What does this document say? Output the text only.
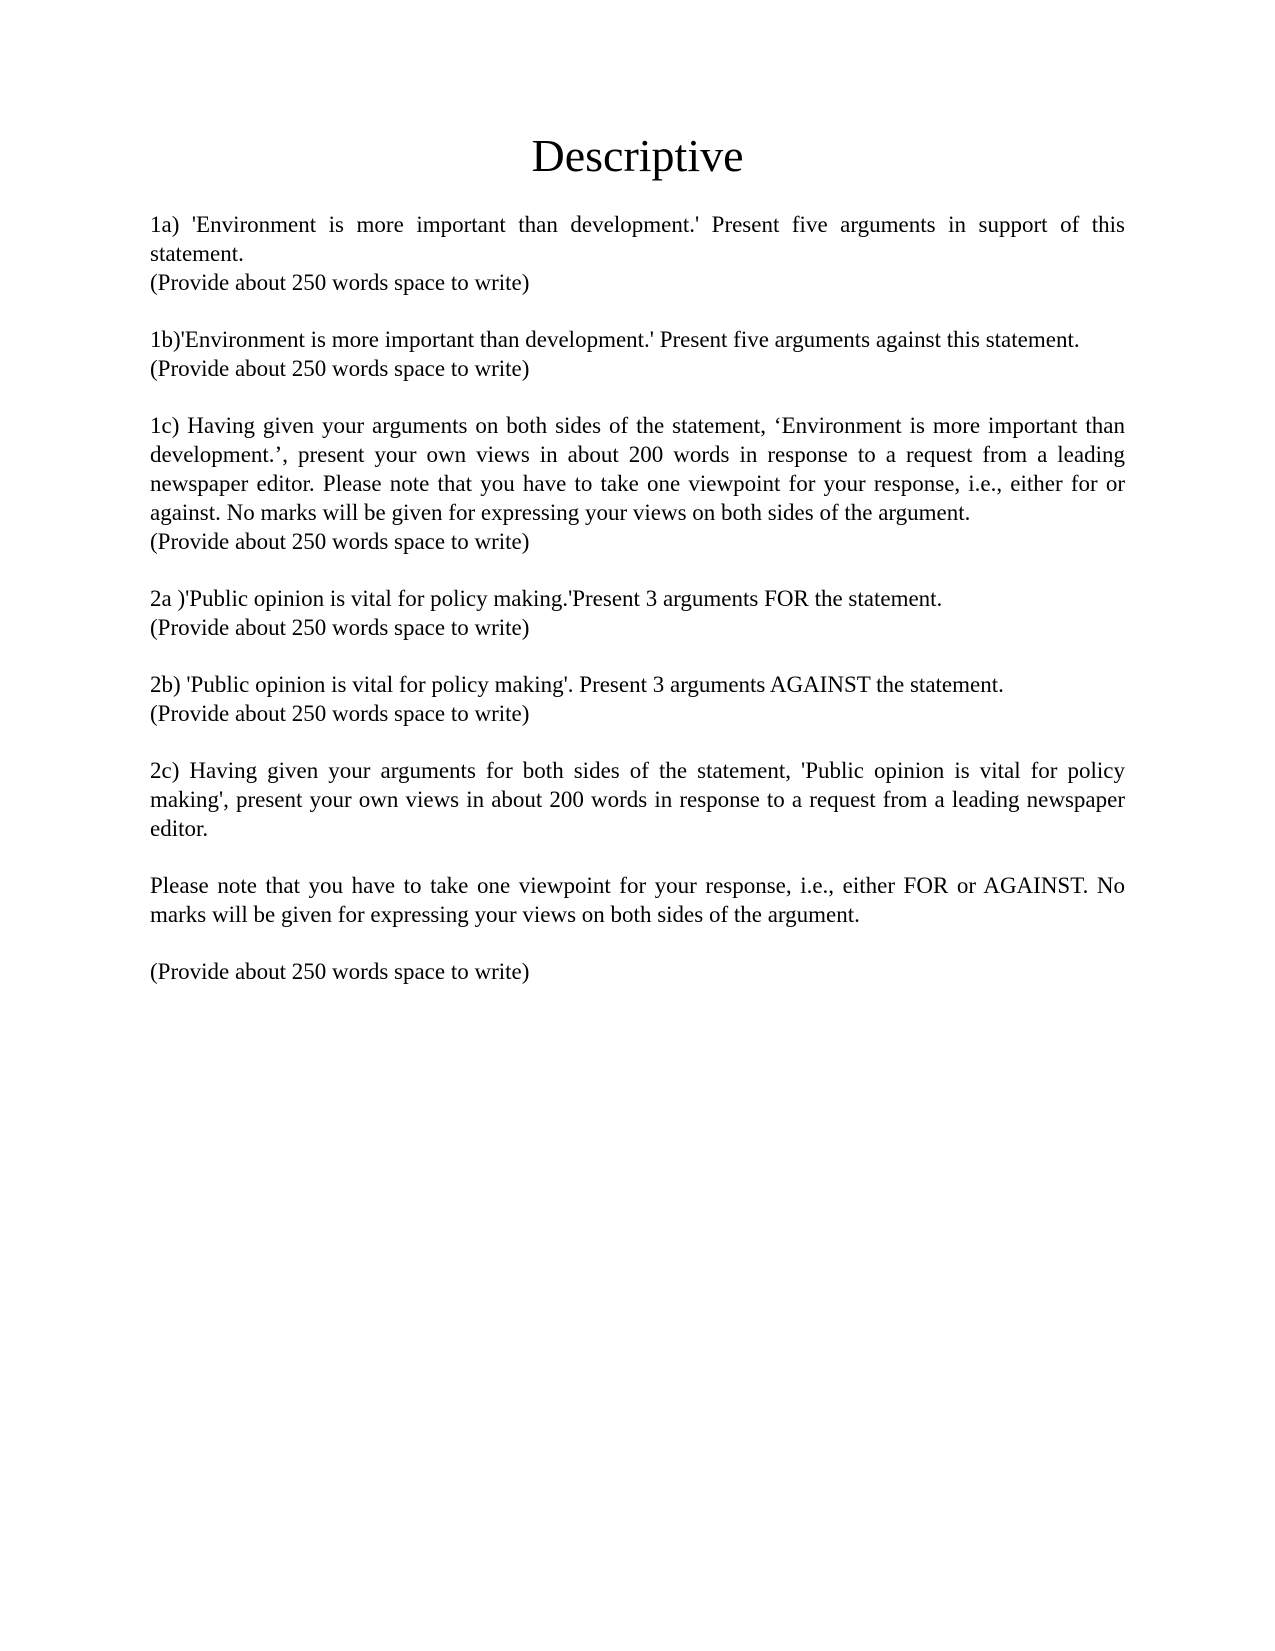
Descriptive

1a) 'Environment is more important than development.' Present five arguments in support of this statement.

(Provide about 250 words space to write)

1b)'Environment is more important than development.' Present five arguments against this statement.

(Provide about 250 words space to write)

1c) Having given your arguments on both sides of the statement, ‘Environment is more important than development.’, present your own views in about 200 words in response to a request from a leading newspaper editor. Please note that you have to take one viewpoint for your response, i.e., either for or against. No marks will be given for expressing your views on both sides of the argument.

(Provide about 250 words space to write)

2a )'Public opinion is vital for policy making.'Present 3 arguments FOR the statement.

(Provide about 250 words space to write)

2b) 'Public opinion is vital for policy making'. Present 3 arguments AGAINST the statement.

(Provide about 250 words space to write)

2c) Having given your arguments for both sides of the statement, 'Public opinion is vital for policy making', present your own views in about 200 words in response to a request from a leading newspaper editor.

Please note that you have to take one viewpoint for your response, i.e., either FOR or AGAINST. No marks will be given for expressing your views on both sides of the argument.

(Provide about 250 words space to write)
